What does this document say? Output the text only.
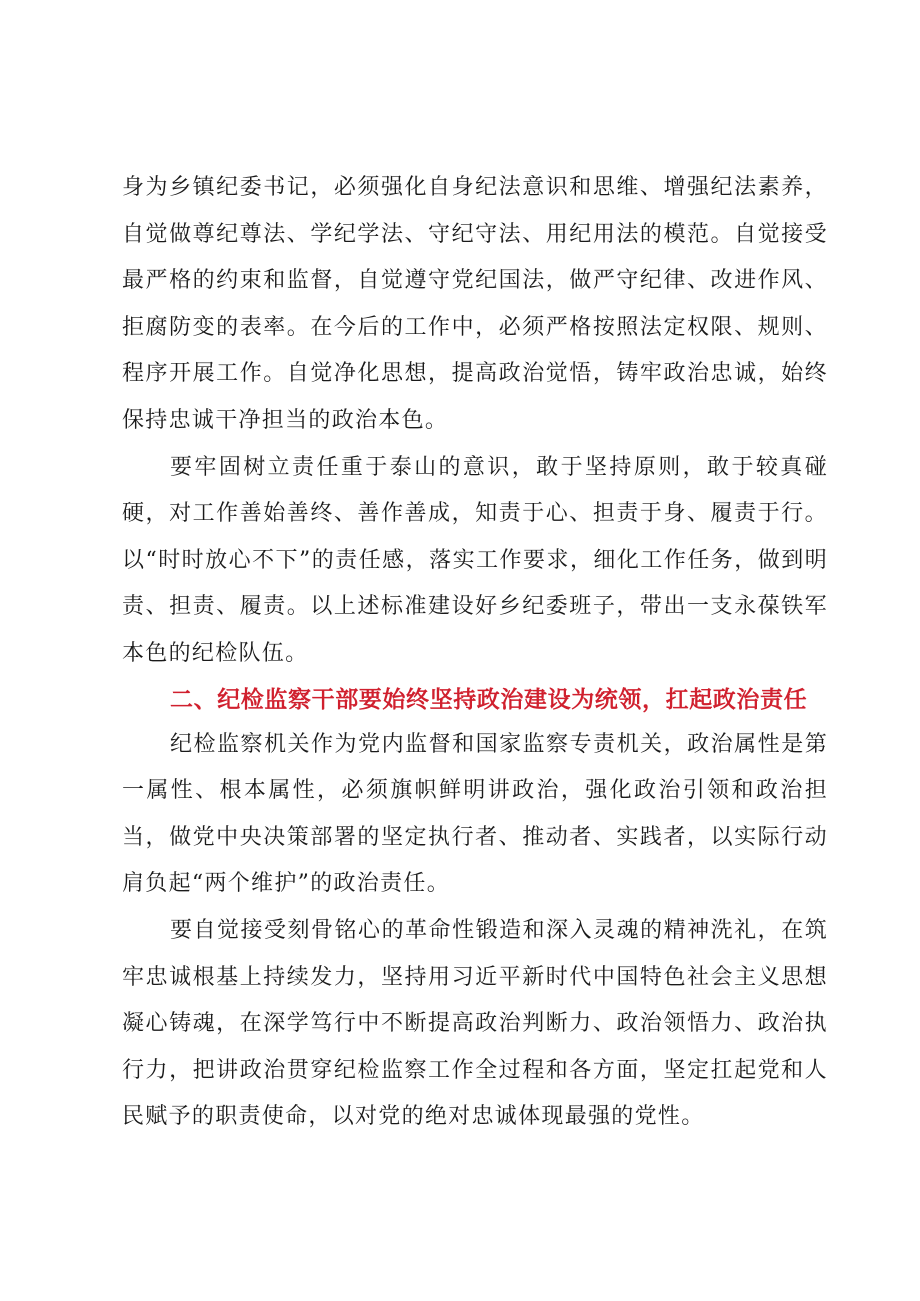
身为乡镇纪委书记，必须强化自身纪法意识和思维、增强纪法素养，自觉做尊纪尊法、学纪学法、守纪守法、用纪用法的模范。自觉接受最严格的约束和监督，自觉遵守党纪国法，做严守纪律、改进作风、拒腐防变的表率。在今后的工作中，必须严格按照法定权限、规则、程序开展工作。自觉净化思想，提高政治觉悟，铸牢政治忠诚，始终保持忠诚干净担当的政治本色。

要牢固树立责任重于泰山的意识，敢于坚持原则，敢于较真碰硬，对工作善始善终、善作善成，知责于心、担责于身、履责于行。以“时时放心不下”的责任感，落实工作要求，细化工作任务，做到明责、担责、履责。以上述标准建设好乡纪委班子，带出一支永葆铁军本色的纪检队伍。

二、纪检监察干部要始终坚持政治建设为统领，扛起政治责任

纪检监察机关作为党内监督和国家监察专责机关，政治属性是第一属性、根本属性，必须旗帜鲜明讲政治，强化政治引领和政治担当，做党中央决策部署的坚定执行者、推动者、实践者，以实际行动肩负起“两个维护”的政治责任。

要自觉接受刻骨铭心的革命性锻造和深入灵魂的精神洗礼，在筑牢忠诚根基上持续发力，坚持用习近平新时代中国特色社会主义思想凝心铸魂，在深学笃行中不断提高政治判断力、政治领悟力、政治执行力，把讲政治贯穿纪检监察工作全过程和各方面，坚定扛起党和人民赋予的职责使命，以对党的绝对忠诚体现最强的党性。
